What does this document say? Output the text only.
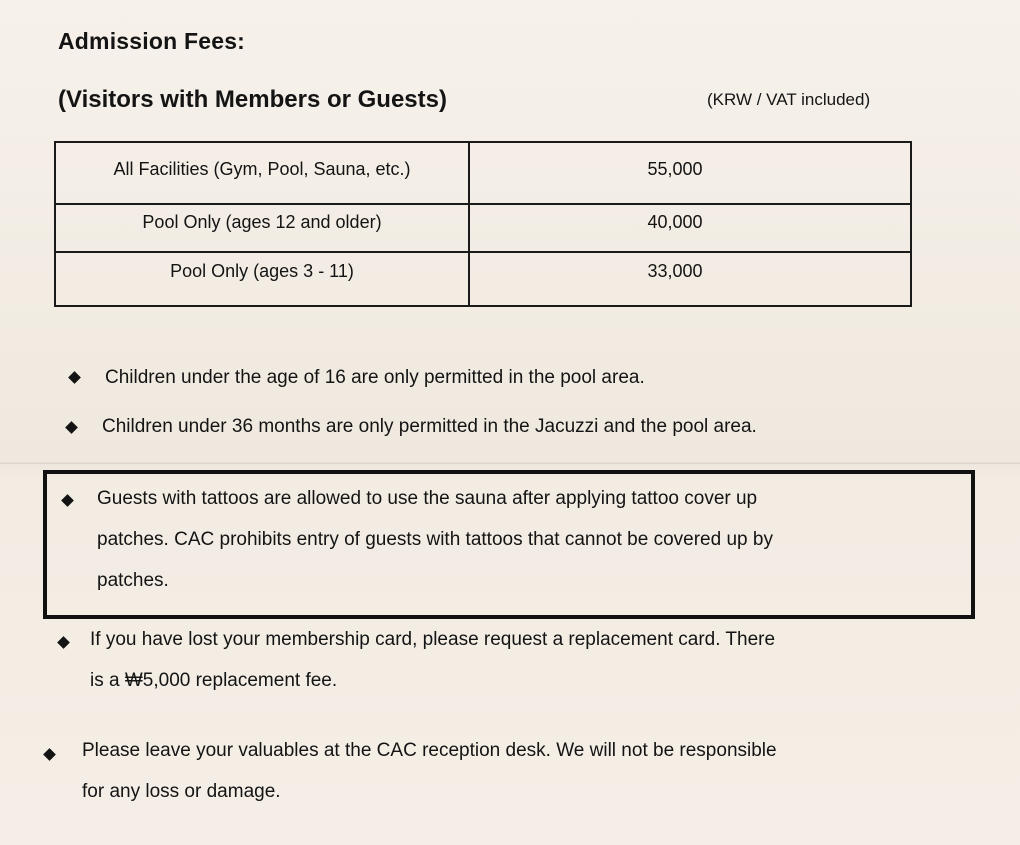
Admission Fees:
(Visitors with Members or Guests)	(KRW / VAT included)
All Facilities (Gym, Pool, Sauna, etc.)	55,000
Pool Only (ages 12 and older)	40,000
Pool Only (ages 3 - 11)	33,000
Children under the age of 16 are only permitted in the pool area.
Children under 36 months are only permitted in the Jacuzzi and the pool area.
Guests with tattoos are allowed to use the sauna after applying tattoo cover up
patches. CAC prohibits entry of guests with tattoos that cannot be covered up by
patches.
If you have lost your membership card, please request a replacement card. There
is a ₩5,000 replacement fee.
Please leave your valuables at the CAC reception desk. We will not be responsible
for any loss or damage.
